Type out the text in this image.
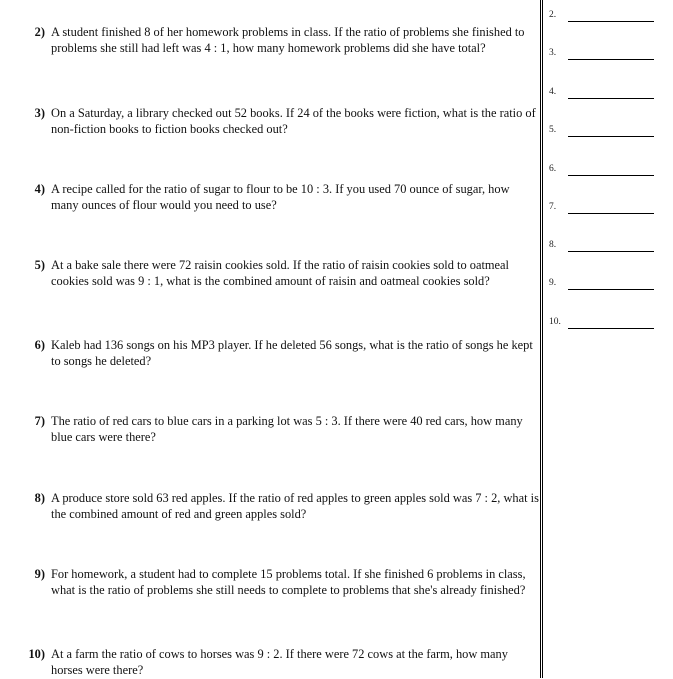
2) A student finished 8 of her homework problems in class. If the ratio of problems she finished to problems she still had left was 4 : 1, how many homework problems did she have total?
3) On a Saturday, a library checked out 52 books. If 24 of the books were fiction, what is the ratio of non-fiction books to fiction books checked out?
4) A recipe called for the ratio of sugar to flour to be 10 : 3. If you used 70 ounce of sugar, how many ounces of flour would you need to use?
5) At a bake sale there were 72 raisin cookies sold. If the ratio of raisin cookies sold to oatmeal cookies sold was 9 : 1, what is the combined amount of raisin and oatmeal cookies sold?
6) Kaleb had 136 songs on his MP3 player. If he deleted 56 songs, what is the ratio of songs he kept to songs he deleted?
7) The ratio of red cars to blue cars in a parking lot was 5 : 3. If there were 40 red cars, how many blue cars were there?
8) A produce store sold 63 red apples. If the ratio of red apples to green apples sold was 7 : 2, what is the combined amount of red and green apples sold?
9) For homework, a student had to complete 15 problems total. If she finished 6 problems in class, what is the ratio of problems she still needs to complete to problems that she's already finished?
10) At a farm the ratio of cows to horses was 9 : 2. If there were 72 cows at the farm, how many horses were there?
2.
3.
4.
5.
6.
7.
8.
9.
10.
